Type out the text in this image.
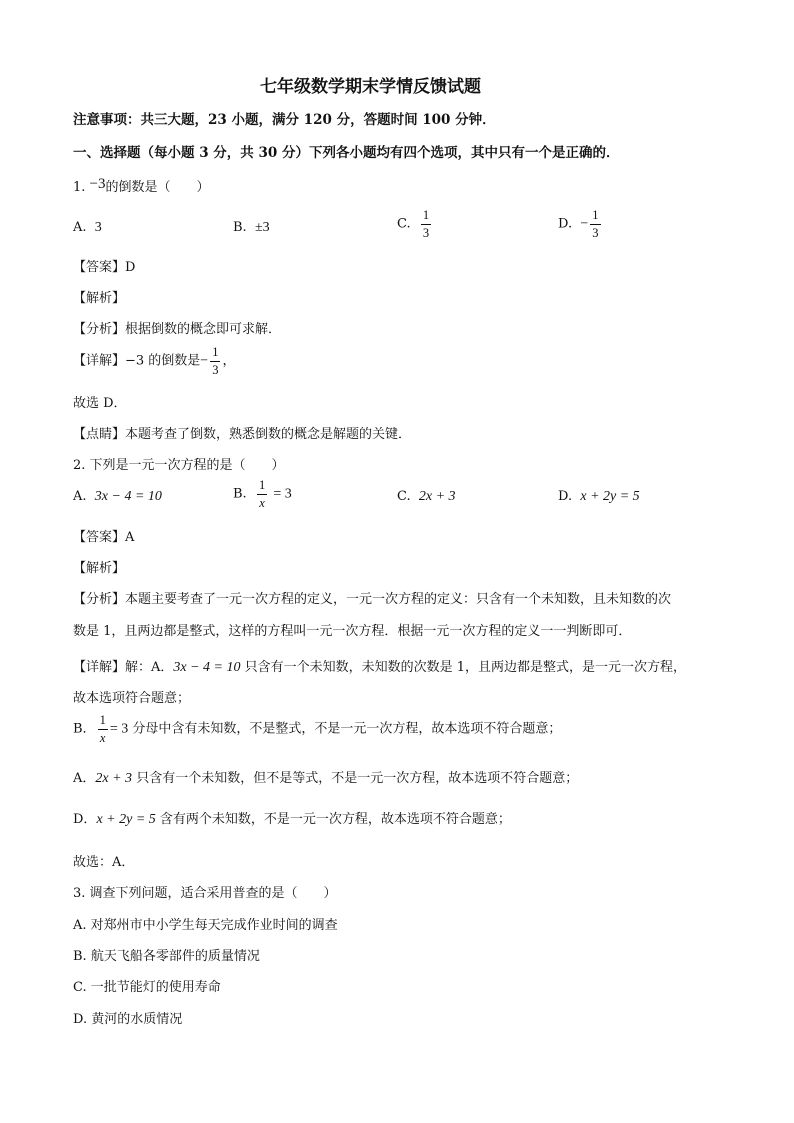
七年级数学期末学情反馈试题
注意事项：共三大题，23 小题，满分 120 分，答题时间 100 分钟．
一、选择题（每小题 3 分，共 30 分）下列各小题均有四个选项，其中只有一个是正确的．
1. −3的倒数是（　　）
A. 3	B. ±3	C. $\frac{1}{3}$	D. − $\frac{1}{3}$
【答案】D
【解析】
【分析】根据倒数的概念即可求解．
【详解】−3 的倒数是− $\frac{1}{3}$ ，
故选 D．
【点睛】本题考查了倒数，熟悉倒数的概念是解题的关键．
2. 下列是一元一次方程的是（　　）
A. 3x − 4 = 10	B. $\frac{1}{x} = 3$	C. 2x + 3	D. x + 2y = 5
【答案】A
【解析】
【分析】本题主要考查了一元一次方程的定义，一元一次方程的定义：只含有一个未知数，且未知数的次
数是 1，且两边都是整式，这样的方程叫一元一次方程．根据一元一次方程的定义一一判断即可．
【详解】解：A．3x − 4 = 10 只含有一个未知数，未知数的次数是 1，且两边都是整式，是一元一次方程，
故本选项符合题意；
B． $\frac{1}{x} = 3$ 分母中含有未知数，不是整式，不是一元一次方程，故本选项不符合题意；
A．2x + 3 只含有一个未知数，但不是等式，不是一元一次方程，故本选项不符合题意；
D．x + 2y = 5 含有两个未知数，不是一元一次方程，故本选项不符合题意；
故选：A．
3. 调查下列问题，适合采用普查的是（　　）
A. 对郑州市中小学生每天完成作业时间的调查
B. 航天飞船各零部件的质量情况
C. 一批节能灯的使用寿命
D. 黄河的水质情况
